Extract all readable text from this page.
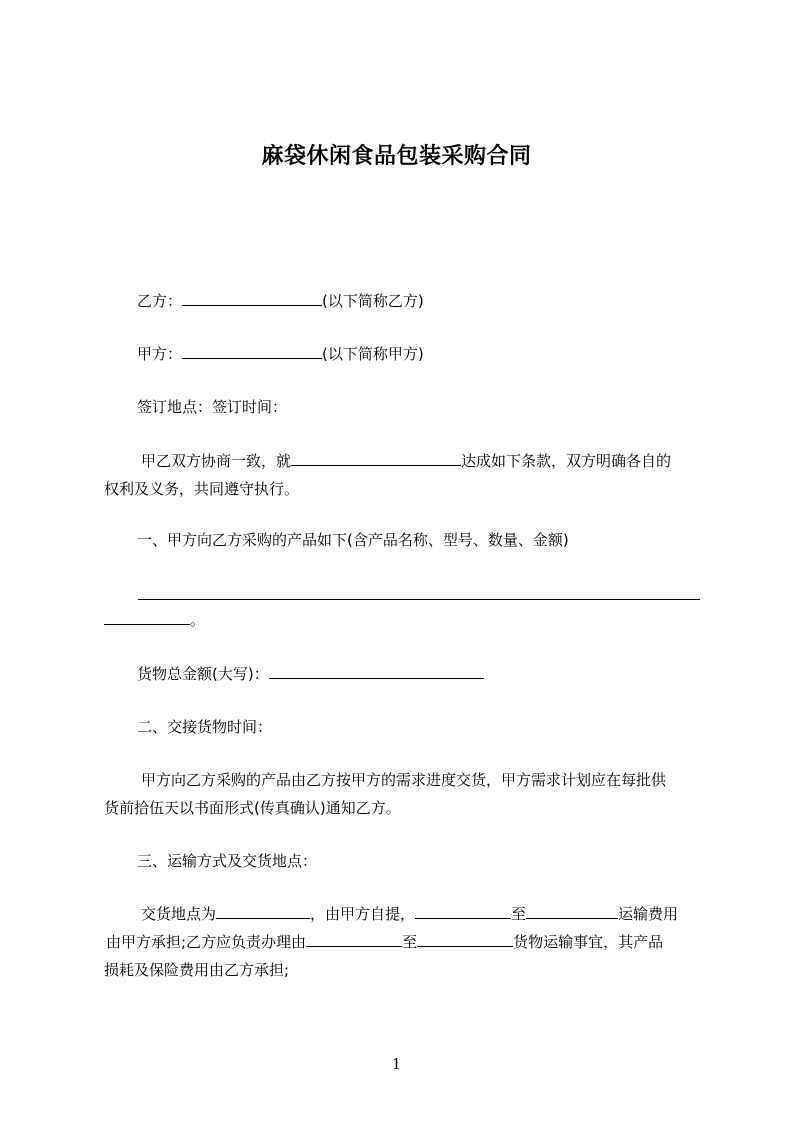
麻袋休闲食品包装采购合同

乙方：	(以下简称乙方)

甲方：	(以下简称甲方)

签订地点：签订时间：

甲乙双方协商一致，就	达成如下条款，双方明确各自的

权利及义务，共同遵守执行。

一、甲方向乙方采购的产品如下(含产品名称、型号、数量、金额)

。

货物总金额(大写)：

二、交接货物时间：

甲方向乙方采购的产品由乙方按甲方的需求进度交货，甲方需求计划应在每批供

货前拾伍天以书面形式(传真确认)通知乙方。

三、运输方式及交货地点：

交货地点为	，由甲方自提，	至	运输费用

由甲方承担;乙方应负责办理由	至	货物运输事宜，其产品

损耗及保险费用由乙方承担;

1
